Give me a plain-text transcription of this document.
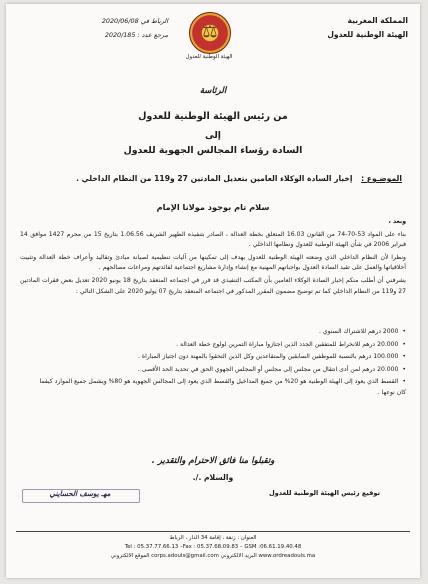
المملكة المغربية
الهيئة الوطنية للعدول
الرباط في 2020/06/08
مرجع عدد : 2020/185
⚖
الهيئة الوطنية للعدول
الرئاسة
من رئيس الهيئة الوطنية للعدول
إلى
السادة رؤساء المجالس الجهوية للعدول
الموضـوع : إخبار السادة الوكلاء العامين بتعديل المادتين 27 و119 من النظام الداخلي .
سلام تام بوجود مولانا الإمام

وبعد ،

بناء على المواد 53-70-74 من القانون 16.03 المتعلق بخطة العدالة ، الصادر بتنفيذه الظهير الشريف 1.06.56 بتاريخ 15 من محرم 1427 موافق 14 فبراير 2006 في شأن الهيئة الوطنية للعدول ونظامها الداخلي .

ونظرا لأن النظام الداخلي الذي وضعته الهيئة الوطنية للعدول يهدف إلى تمكينها من آليات تنظيمية لصيانة مبادئ وتقاليد وأعراف خطة العدالة وتثبيت أخلاقياتها والعمل على تقيد السادة العدول بواجباتهم المهنية مع إنشاء وإدارة مشاريع اجتماعية لفائدتهم ومراعات مصالحهم .

يشرفني أن أطلب منكم إخبار السادة الوكلاء العامين بأن المكتب التنفيذي قد قرر في اجتماعه المنعقد بتاريخ 18 يونيو 2020 تعديل بعض فقرات المادتين 27 و119 من النظام الداخلي كما تم توضيح مضمون المقرر المذكور في اجتماعه المنعقد بتاريخ 07 يوليو 2020 على الشكل التالي :

•2000 درهم للاشتراك السنوي .
•20.000 درهم للانخراط للمتفقين الجدد الذين اجتازوا مباراة التمرين لولوج خطة العدالة .
•100.000 درهم بالنسبة للموظفين السابقين والمتقاعدين وكل الذين التحقوا بالمهنة دون اجتياز المباراة .
•20.000 درهم لمن أدى انتقال من مجلس إلى مجلس أو المجلس الجهوي الحق في تحديد الحد الأقصى .
•القسط الذي يعود إلى الهيئة الوطنية هو 20% من جميع المداخيل والقسط الذي يعود إلى المجالس الجهوية هو 80% ويشمل جميع الموارد كيفما كان نوعها .
وتقبلوا منا فائق الاحترام والتقدير .
والسلام ./.
مهـ يوسف الحسايني	توقيع رئيس الهيئة الوطنية للعدول
العنوان : زنقة ، إقامة 34 الدار ، الرباط
Tel : 05.37.77.66.13 –Fax : 05.37.68.09.83 – GSM :06.61.19.40.48
www.ordreadouls.ma البريد الالكتروني corps.adouls@gmail.com الموقع الالكتروني
